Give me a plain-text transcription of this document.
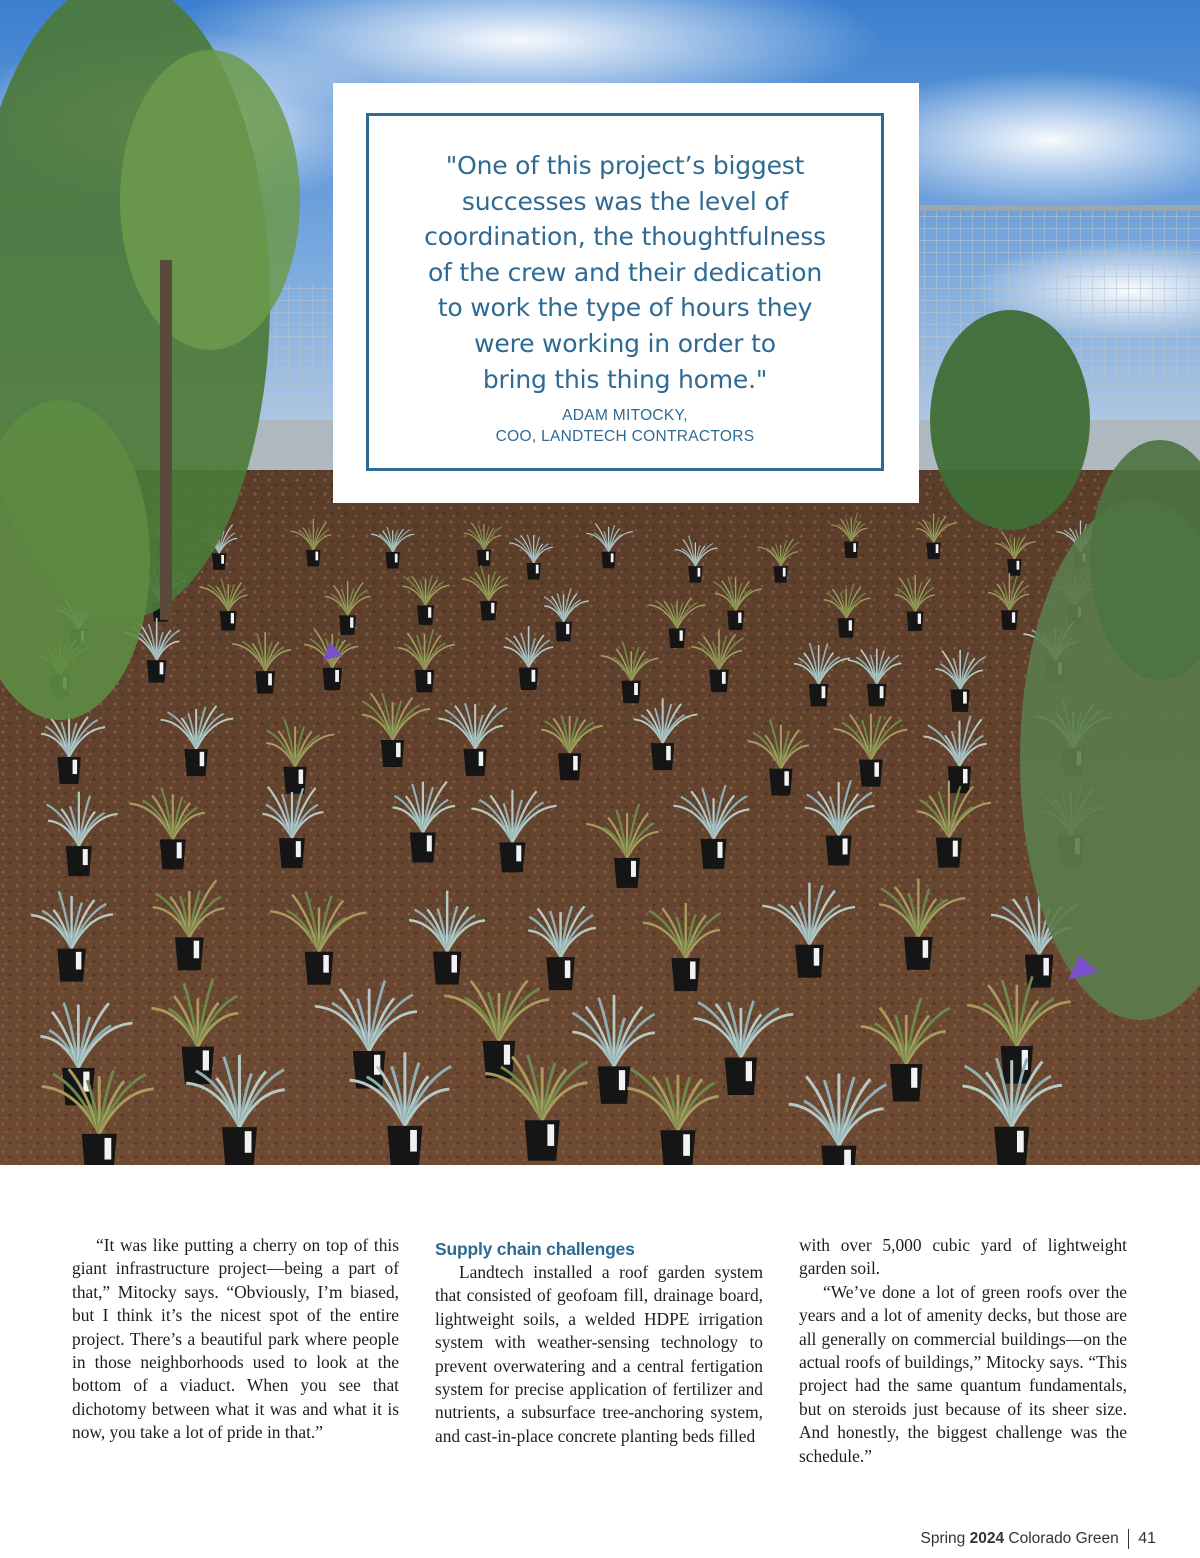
"One of this project’s biggest
successes was the level of
coordination, the thoughtfulness
of the crew and their dedication
to work the type of hours they
were working in order to
bring this thing home."

ADAM MITOCKY,
COO, LANDTECH CONTRACTORS

“It was like putting a cherry on top of this giant infrastructure project—being a part of that,” Mitocky says. “Obviously, I’m biased, but I think it’s the nicest spot of the entire project. There’s a beautiful park where people in those neighborhoods used to look at the bottom of a viaduct. When you see that dichotomy between what it was and what it is now, you take a lot of pride in that.”

Supply chain challenges

Landtech installed a roof garden system that consisted of geofoam fill, drainage board, lightweight soils, a welded HDPE irrigation system with weather-sensing technology to prevent overwatering and a central fertigation system for precise application of fertilizer and nutrients, a subsurface tree-anchoring system, and cast-in-place concrete planting beds filled

with over 5,000 cubic yard of lightweight garden soil.

“We’ve done a lot of green roofs over the years and a lot of amenity decks, but those are all generally on commercial buildings—on the actual roofs of buildings,” Mitocky says. “This project had the same quantum fundamentals, but on steroids just because of its sheer size. And honestly, the biggest challenge was the schedule.”

Spring
2024
Colorado Green 41
